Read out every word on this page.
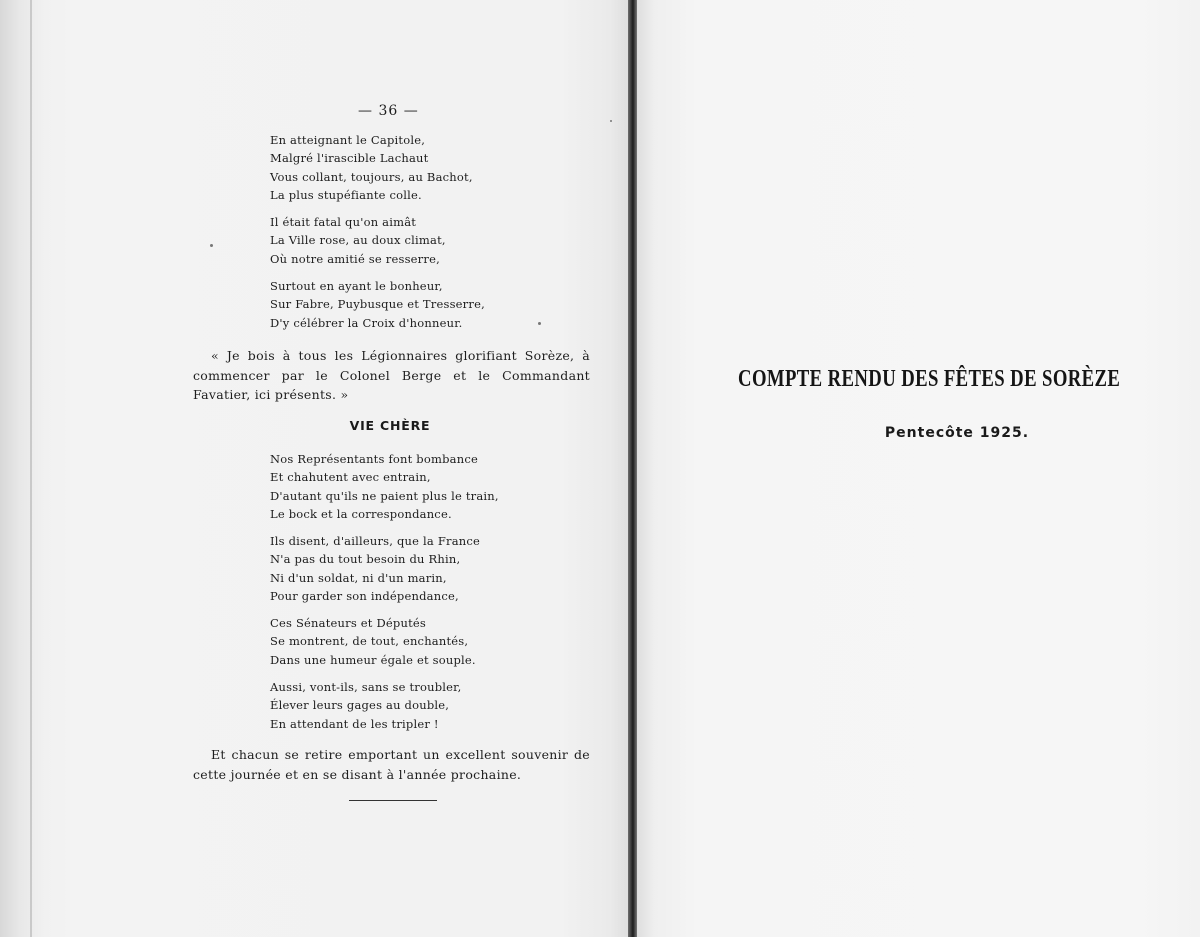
— 36 —
En atteignant le Capitole,
Malgré l'irascible Lachaut
Vous collant, toujours, au Bachot,
La plus stupéfiante colle.
Il était fatal qu'on aimât
La Ville rose, au doux climat,
Où notre amitié se resserre,
Surtout en ayant le bonheur,
Sur Fabre, Puybusque et Tresserre,
D'y célébrer la Croix d'honneur.
« Je bois à tous les Légionnaires glorifiant Sorèze, à commencer par le Colonel Berge et le Commandant Favatier, ici présents. »
VIE CHÈRE
Nos Représentants font bombance
Et chahutent avec entrain,
D'autant qu'ils ne paient plus le train,
Le bock et la correspondance.
Ils disent, d'ailleurs, que la France
N'a pas du tout besoin du Rhin,
Ni d'un soldat, ni d'un marin,
Pour garder son indépendance,
Ces Sénateurs et Députés
Se montrent, de tout, enchantés,
Dans une humeur égale et souple.
Aussi, vont-ils, sans se troubler,
Élever leurs gages au double,
En attendant de les tripler !
Et chacun se retire emportant un excellent souvenir de cette journée et en se disant à l'année prochaine.
COMPTE RENDU DES FÊTES DE SORÈZE
Pentecôte 1925.
